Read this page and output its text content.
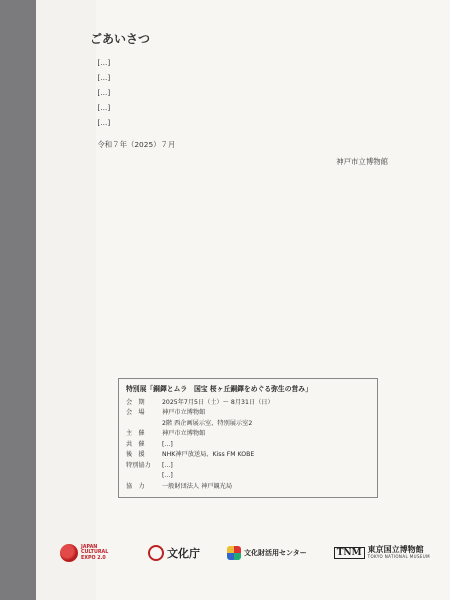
ごあいさつ

[...]

[...]

[...]

[...]

[...]

令和７年（2025）７月
神戸市立博物館
特別展「銅鐸とムラ　国宝 桜ヶ丘銅鐸をめぐる弥生の営み」
会　期	2025年7月5日（土）～ 8月31日（日）
会　場	神戸市立博物館
2階 西企画展示室、特別展示室2
主　催	神戸市立博物館
共　催	[...]
後　援	NHK神戸放送局、Kiss FM KOBE
特別協力	[...]
[...]
協　力	一般財団法人 神戸観光局
JAPAN CULTURAL EXPO 2.0	文化庁	文化財活用センター	TNM 東京国立博物館
TOKYO NATIONAL MUSEUM
